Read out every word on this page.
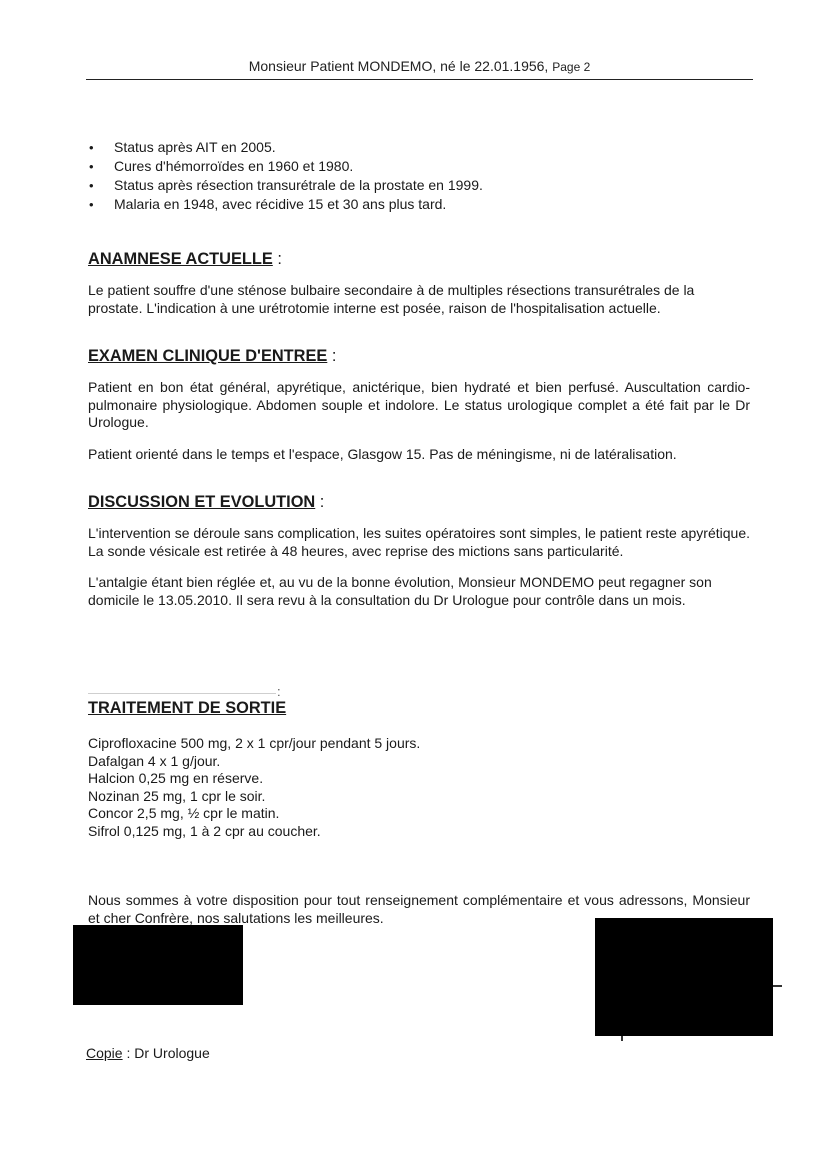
Monsieur Patient MONDEMO, né le 22.01.1956, Page 2
• Status après AIT en 2005.
• Cures d'hémorroïdes en 1960 et 1980.
• Status après résection transurétrale de la prostate en 1999.
• Malaria en 1948, avec récidive 15 et 30 ans plus tard.
ANAMNESE ACTUELLE :

Le patient souffre d'une sténose bulbaire secondaire à de multiples résections transurétrales de la prostate. L'indication à une urétrotomie interne est posée, raison de l'hospitalisation actuelle.

EXAMEN CLINIQUE D'ENTREE :

Patient en bon état général, apyrétique, anictérique, bien hydraté et bien perfusé. Auscultation cardio-pulmonaire physiologique. Abdomen souple et indolore. Le status urologique complet a été fait par le Dr Urologue.

Patient orienté dans le temps et l'espace, Glasgow 15. Pas de méningisme, ni de latéralisation.

DISCUSSION ET EVOLUTION :

L'intervention se déroule sans complication, les suites opératoires sont simples, le patient reste apyrétique. La sonde vésicale est retirée à 48 heures, avec reprise des mictions sans particularité.

L'antalgie étant bien réglée et, au vu de la bonne évolution, Monsieur MONDEMO peut regagner son domicile le 13.05.2010. Il sera revu à la consultation du Dr Urologue pour contrôle dans un mois.

:
TRAITEMENT DE SORTIE

Ciprofloxacine 500 mg, 2 x 1 cpr/jour pendant 5 jours.

Dafalgan 4 x 1 g/jour.

Halcion 0,25 mg en réserve.

Nozinan 25 mg, 1 cpr le soir.

Concor 2,5 mg, ½ cpr le matin.

Sifrol 0,125 mg, 1 à 2 cpr au coucher.

Nous sommes à votre disposition pour tout renseignement complémentaire et vous adressons, Monsieur et cher Confrère, nos salutations les meilleures.

Copie : Dr Urologue
